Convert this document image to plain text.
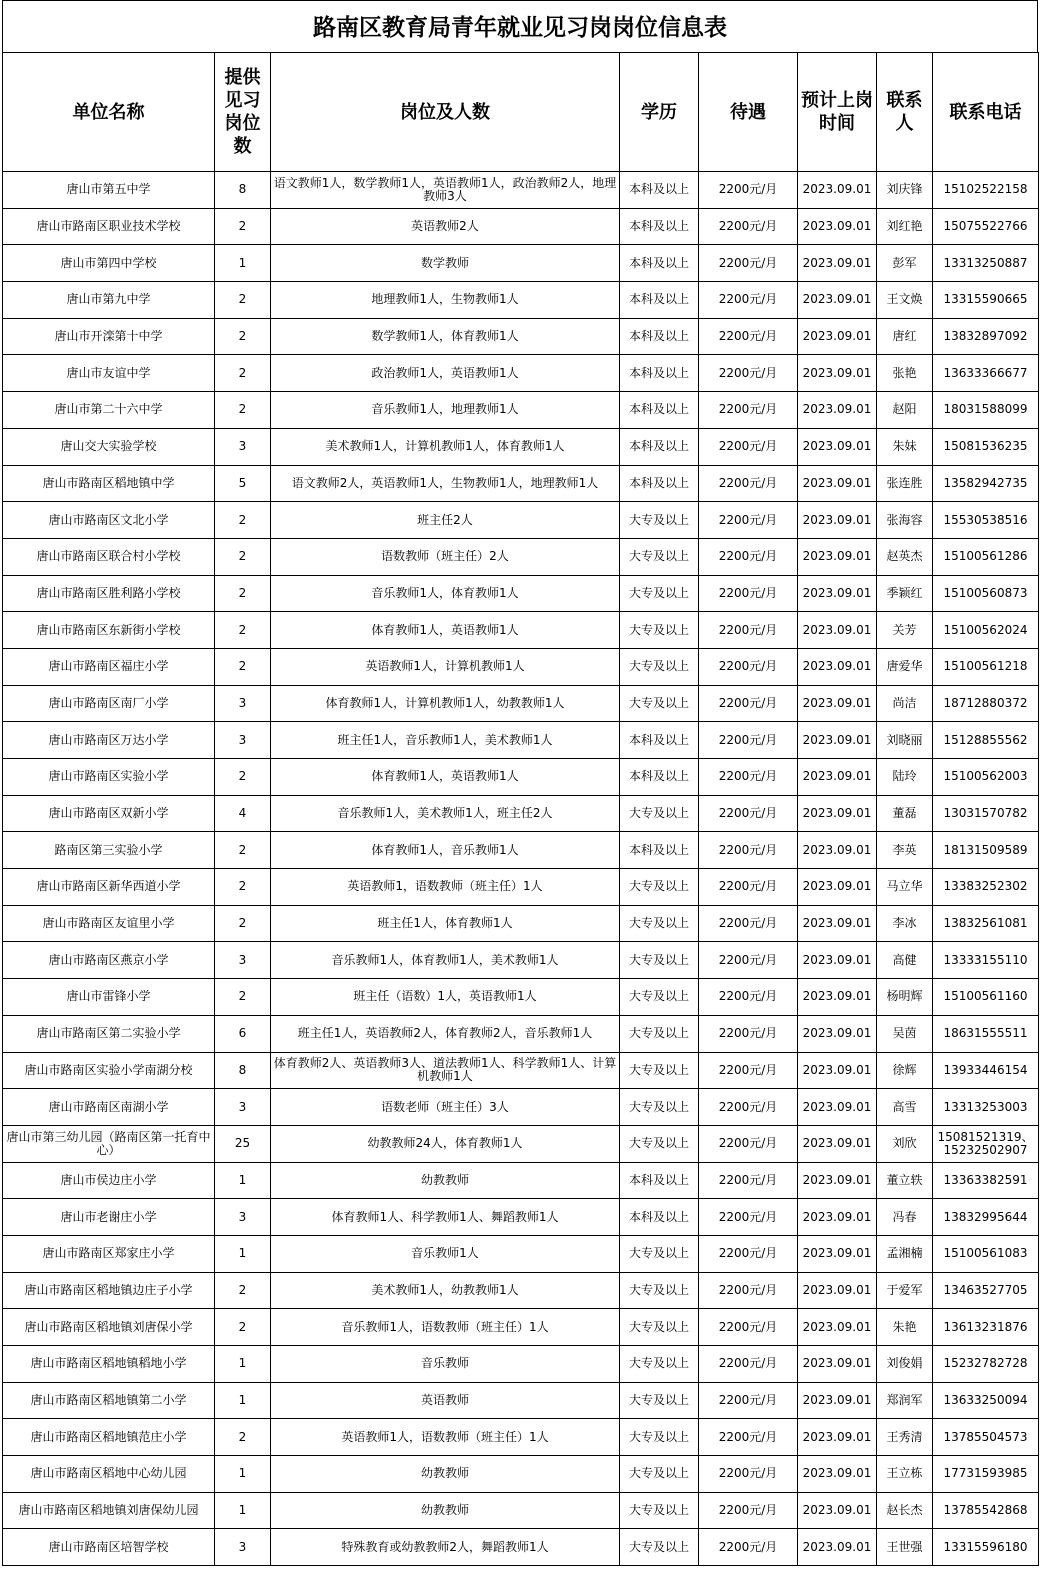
路南区教育局青年就业见习岗岗位信息表
单位名称	提供见习岗位数	岗位及人数	学历	待遇	预计上岗时间	联系人	联系电话
唐山市第五中学	8	语文教师1人，数学教师1人，英语教师1人，政治教师2人，地理教师3人	本科及以上	2200元/月	2023.09.01	刘庆锋	15102522158
唐山市路南区职业技术学校	2	英语教师2人	本科及以上	2200元/月	2023.09.01	刘红艳	15075522766
唐山市第四中学校	1	数学教师	本科及以上	2200元/月	2023.09.01	彭军	13313250887
唐山市第九中学	2	地理教师1人，生物教师1人	本科及以上	2200元/月	2023.09.01	王文焕	13315590665
唐山市开滦第十中学	2	数学教师1人，体育教师1人	本科及以上	2200元/月	2023.09.01	唐红	13832897092
唐山市友谊中学	2	政治教师1人，英语教师1人	本科及以上	2200元/月	2023.09.01	张艳	13633366677
唐山市第二十六中学	2	音乐教师1人，地理教师1人	本科及以上	2200元/月	2023.09.01	赵阳	18031588099
唐山交大实验学校	3	美术教师1人，计算机教师1人，体育教师1人	本科及以上	2200元/月	2023.09.01	朱妹	15081536235
唐山市路南区稻地镇中学	5	语文教师2人，英语教师1人，生物教师1人，地理教师1人	本科及以上	2200元/月	2023.09.01	张连胜	13582942735
唐山市路南区文北小学	2	班主任2人	大专及以上	2200元/月	2023.09.01	张海容	15530538516
唐山市路南区联合村小学校	2	语数教师（班主任）2人	大专及以上	2200元/月	2023.09.01	赵英杰	15100561286
唐山市路南区胜利路小学校	2	音乐教师1人，体育教师1人	大专及以上	2200元/月	2023.09.01	季颖红	15100560873
唐山市路南区东新街小学校	2	体育教师1人，英语教师1人	大专及以上	2200元/月	2023.09.01	关芳	15100562024
唐山市路南区福庄小学	2	英语教师1人，计算机教师1人	大专及以上	2200元/月	2023.09.01	唐爱华	15100561218
唐山市路南区南厂小学	3	体育教师1人，计算机教师1人，幼教教师1人	大专及以上	2200元/月	2023.09.01	尚洁	18712880372
唐山市路南区万达小学	3	班主任1人，音乐教师1人，美术教师1人	本科及以上	2200元/月	2023.09.01	刘晓丽	15128855562
唐山市路南区实验小学	2	体育教师1人，英语教师1人	本科及以上	2200元/月	2023.09.01	陆玲	15100562003
唐山市路南区双新小学	4	音乐教师1人，美术教师1人，班主任2人	大专及以上	2200元/月	2023.09.01	董磊	13031570782
路南区第三实验小学	2	体育教师1人，音乐教师1人	本科及以上	2200元/月	2023.09.01	李英	18131509589
唐山市路南区新华西道小学	2	英语教师1，语数教师（班主任）1人	大专及以上	2200元/月	2023.09.01	马立华	13383252302
唐山市路南区友谊里小学	2	班主任1人，体育教师1人	大专及以上	2200元/月	2023.09.01	李冰	13832561081
唐山市路南区燕京小学	3	音乐教师1人，体育教师1人，美术教师1人	大专及以上	2200元/月	2023.09.01	高健	13333155110
唐山市雷锋小学	2	班主任（语数）1人，英语教师1人	大专及以上	2200元/月	2023.09.01	杨明辉	15100561160
唐山市路南区第二实验小学	6	班主任1人，英语教师2人，体育教师2人，音乐教师1人	大专及以上	2200元/月	2023.09.01	吴茵	18631555511
唐山市路南区实验小学南湖分校	8	体育教师2人、英语教师3人、道法教师1人、科学教师1人、计算机教师1人	大专及以上	2200元/月	2023.09.01	徐辉	13933446154
唐山市路南区南湖小学	3	语数老师（班主任）3人	大专及以上	2200元/月	2023.09.01	高雪	13313253003
唐山市第三幼儿园（路南区第一托育中心）	25	幼教教师24人，体育教师1人	大专及以上	2200元/月	2023.09.01	刘欣	15081521319、15232502907
唐山市侯边庄小学	1	幼教教师	本科及以上	2200元/月	2023.09.01	董立轶	13363382591
唐山市老谢庄小学	3	体育教师1人、科学教师1人、舞蹈教师1人	本科及以上	2200元/月	2023.09.01	冯春	13832995644
唐山市路南区郑家庄小学	1	音乐教师1人	大专及以上	2200元/月	2023.09.01	孟湘楠	15100561083
唐山市路南区稻地镇边庄子小学	2	美术教师1人，幼教教师1人	大专及以上	2200元/月	2023.09.01	于爱军	13463527705
唐山市路南区稻地镇刘唐保小学	2	音乐教师1人，语数教师（班主任）1人	大专及以上	2200元/月	2023.09.01	朱艳	13613231876
唐山市路南区稻地镇稻地小学	1	音乐教师	大专及以上	2200元/月	2023.09.01	刘俊娟	15232782728
唐山市路南区稻地镇第二小学	1	英语教师	大专及以上	2200元/月	2023.09.01	郑润军	13633250094
唐山市路南区稻地镇范庄小学	2	英语教师1人，语数教师（班主任）1人	大专及以上	2200元/月	2023.09.01	王秀清	13785504573
唐山市路南区稻地中心幼儿园	1	幼教教师	大专及以上	2200元/月	2023.09.01	王立栋	17731593985
唐山市路南区稻地镇刘唐保幼儿园	1	幼教教师	大专及以上	2200元/月	2023.09.01	赵长杰	13785542868
唐山市路南区培智学校	3	特殊教育或幼教教师2人，舞蹈教师1人	大专及以上	2200元/月	2023.09.01	王世强	13315596180
